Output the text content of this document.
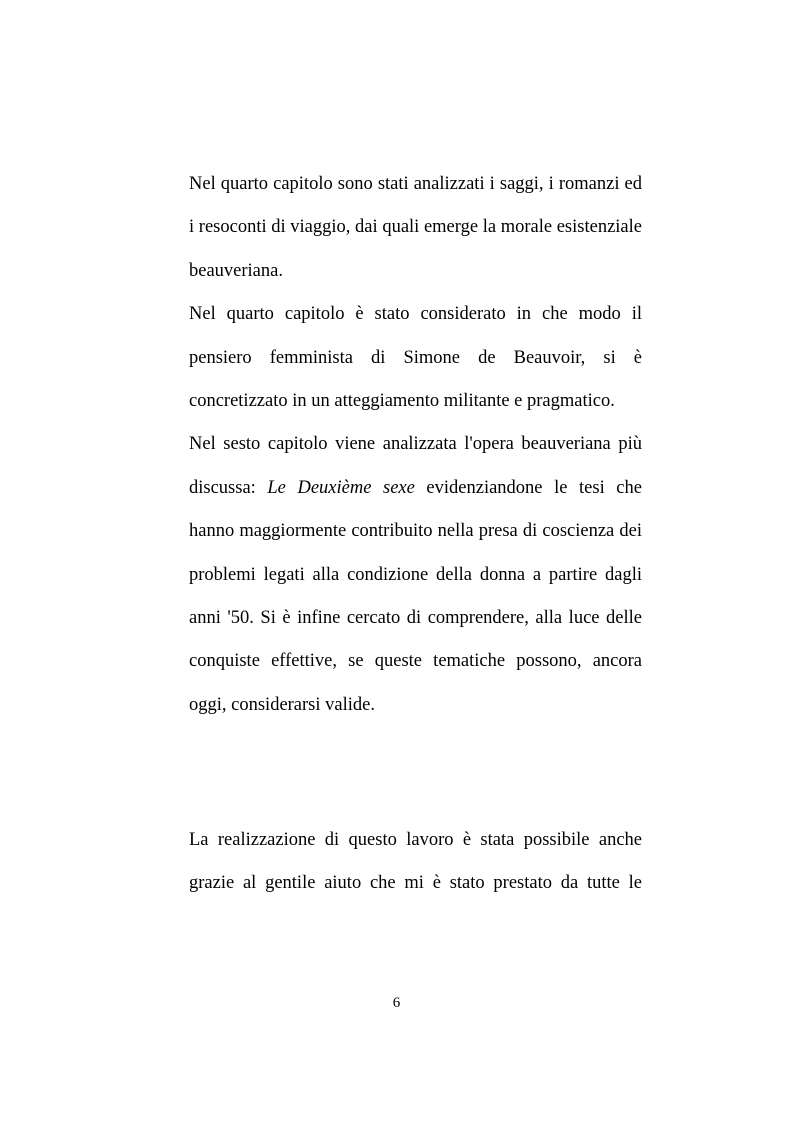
Nel quarto capitolo sono stati analizzati i saggi, i romanzi ed i resoconti di viaggio, dai quali emerge la morale esistenziale beauveriana.

Nel quarto capitolo è stato considerato in che modo il pensiero femminista di Simone de Beauvoir, si è concretizzato in un atteggiamento militante e pragmatico.

Nel sesto capitolo viene analizzata l'opera beauveriana più discussa: Le Deuxième sexe evidenziandone le tesi che hanno maggiormente contribuito nella presa di coscienza dei problemi legati alla condizione della donna a partire dagli anni '50. Si è infine cercato di comprendere, alla luce delle conquiste effettive, se queste tematiche possono, ancora oggi, considerarsi valide.

La realizzazione di questo lavoro è stata possibile anche grazie al gentile aiuto che mi è stato prestato da tutte le

6
